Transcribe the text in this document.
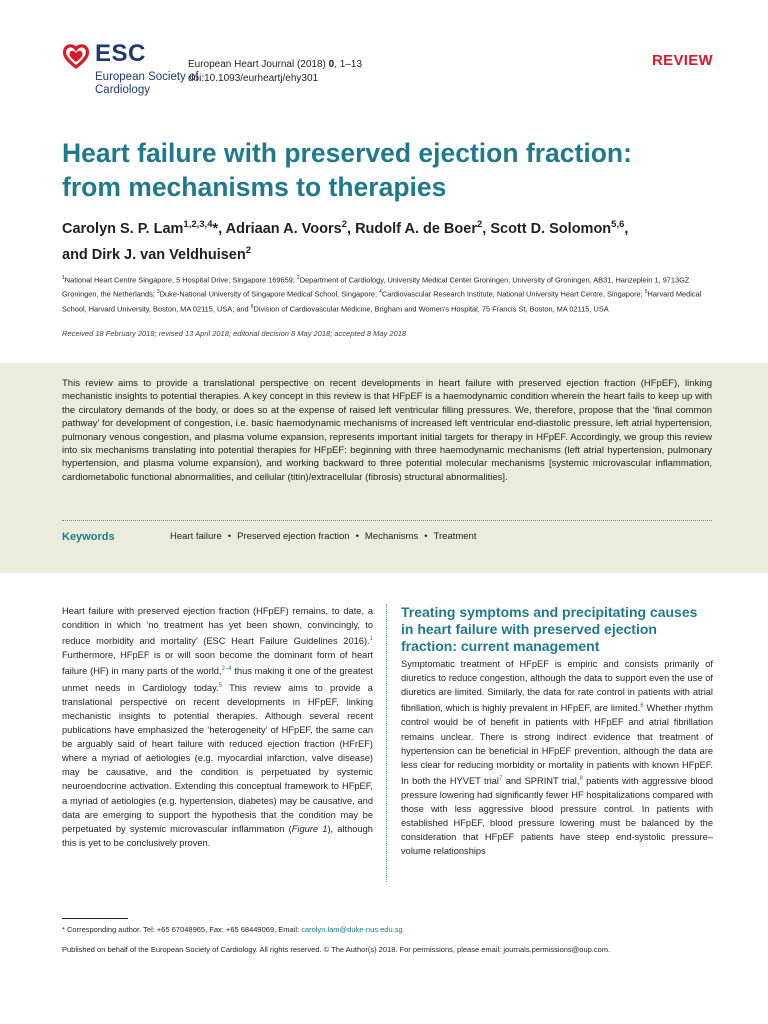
ESC
European Society of Cardiology
European Heart Journal (2018) 0, 1–13
doi:10.1093/eurheartj/ehy301
REVIEW
Heart failure with preserved ejection fraction:
from mechanisms to therapies
Carolyn S. P. Lam$^{1,2,3,4}$*, Adriaan A. Voors$^2$, Rudolf A. de Boer$^2$, Scott D. Solomon$^{5,6}$,
and Dirk J. van Veldhuisen$^2$
$^1$National Heart Centre Singapore, 5 Hospital Drive, Singapore 169659; $^2$Department of Cardiology, University Medical Center Groningen, University of Groningen, AB31, Hanzeplein 1, 9713GZ Groningen, the Netherlands; $^3$Duke-National University of Singapore Medical School, Singapore; $^4$Cardiovascular Research Institute, National University Heart Centre, Singapore; $^5$Harvard Medical School, Harvard University, Boston, MA 02115, USA; and $^6$Division of Cardiovascular Medicine, Brigham and Women's Hospital, 75 Francis St, Boston, MA 02115, USA
Received 18 February 2018; revised 13 April 2018; editorial decision 8 May 2018; accepted 8 May 2018
This review aims to provide a translational perspective on recent developments in heart failure with preserved ejection fraction (HFpEF), linking mechanistic insights to potential therapies. A key concept in this review is that HFpEF is a haemodynamic condition wherein the heart fails to keep up with the circulatory demands of the body, or does so at the expense of raised left ventricular filling pressures. We, therefore, propose that the ‘final common pathway’ for development of congestion, i.e. basic haemodynamic mechanisms of increased left ventricular end-diastolic pressure, left atrial hypertension, pulmonary venous congestion, and plasma volume expansion, represents important initial targets for therapy in HFpEF. Accordingly, we group this review into six mechanisms translating into potential therapies for HFpEF: beginning with three haemodynamic mechanisms (left atrial hypertension, pulmonary hypertension, and plasma volume expansion), and working backward to three potential molecular mechanisms [systemic microvascular inflammation, cardiometabolic functional abnormalities, and cellular (titin)/extracellular (fibrosis) structural abnormalities].
Keywords	Heart failure • Preserved ejection fraction • Mechanisms • Treatment
Heart failure with preserved ejection fraction (HFpEF) remains, to date, a condition in which ‘no treatment has yet been shown, convincingly, to reduce morbidity and mortality’ (ESC Heart Failure Guidelines 2016).$^1$ Furthermore, HFpEF is or will soon become the dominant form of heart failure (HF) in many parts of the world,$^{2-4}$ thus making it one of the greatest unmet needs in Cardiology today.$^5$ This review aims to provide a translational perspective on recent developments in HFpEF, linking mechanistic insights to potential therapies. Although several recent publications have emphasized the ‘heterogeneity’ of HFpEF, the same can be arguably said of heart failure with reduced ejection fraction (HFrEF) where a myriad of aetiologies (e.g. myocardial infarction, valve disease) may be causative, and the condition is perpetuated by systemic neuroendocrine activation. Extending this conceptual framework to HFpEF, a myriad of aetiologies (e.g. hypertension, diabetes) may be causative, and data are emerging to support the hypothesis that the condition may be perpetuated by systemic microvascular inflammation (Figure 1), although this is yet to be conclusively proven.
Treating symptoms and precipitating causes in heart failure with preserved ejection fraction: current management
Symptomatic treatment of HFpEF is empiric and consists primarily of diuretics to reduce congestion, although the data to support even the use of diuretics are limited. Similarly, the data for rate control in patients with atrial fibrillation, which is highly prevalent in HFpEF, are limited.$^6$ Whether rhythm control would be of benefit in patients with HFpEF and atrial fibrillation remains unclear. There is strong indirect evidence that treatment of hypertension can be beneficial in HFpEF prevention, although the data are less clear for reducing morbidity or mortality in patients with known HFpEF. In both the HYVET trial$^7$ and SPRINT trial,$^8$ patients with aggressive blood pressure lowering had significantly fewer HF hospitalizations compared with those with less aggressive blood pressure control. In patients with established HFpEF, blood pressure lowering must be balanced by the consideration that HFpEF patients have steep end-systolic pressure–volume relationships
* Corresponding author. Tel: +65 67048965, Fax: +65 68449069, Email: carolyn.lam@duke-nus.edu.sg
Published on behalf of the European Society of Cardiology. All rights reserved. © The Author(s) 2018. For permissions, please email: journals.permissions@oup.com.
